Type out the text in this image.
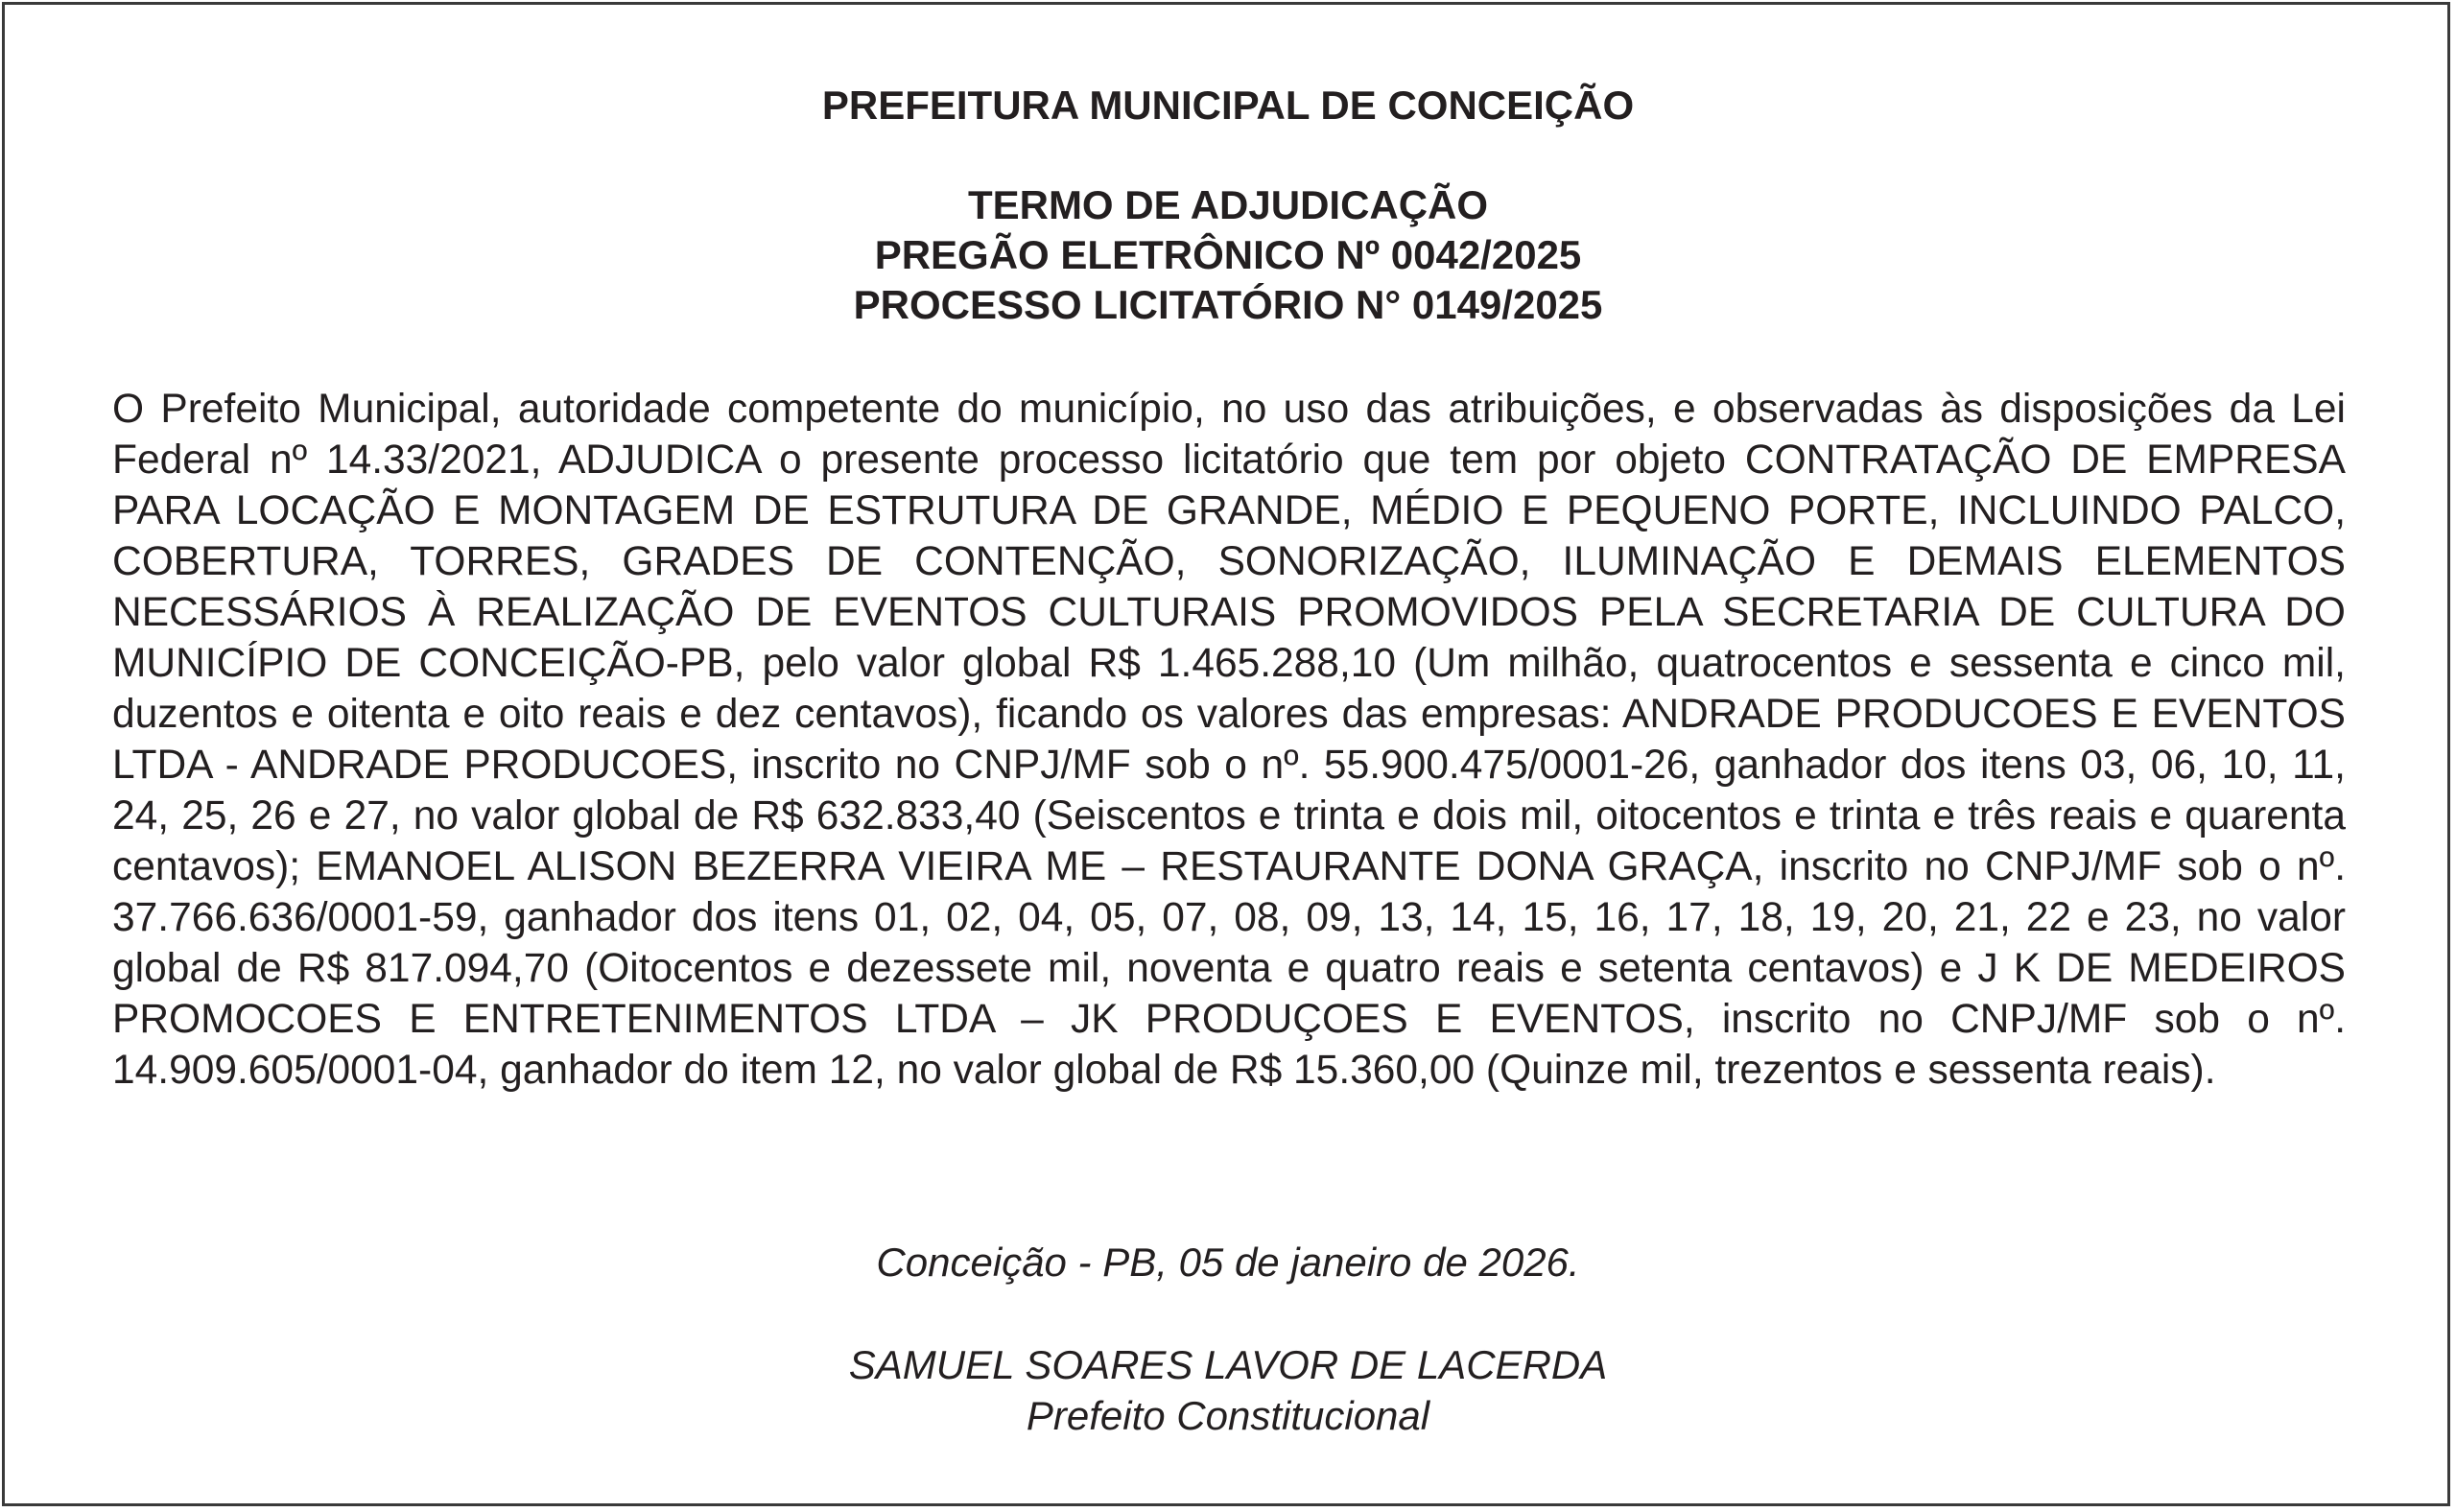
PREFEITURA MUNICIPAL DE CONCEIÇÃO
TERMO DE ADJUDICAÇÃO
PREGÃO ELETRÔNICO Nº 0042/2025
PROCESSO LICITATÓRIO N° 0149/2025
O Prefeito Municipal, autoridade competente do município, no uso das atribuições, e observadas às disposições da Lei Federal nº 14.33/2021, ADJUDICA o presente processo licitatório que tem por objeto CONTRATAÇÃO DE EMPRESA PARA LOCAÇÃO E MONTAGEM DE ESTRUTURA DE GRANDE, MÉDIO E PEQUENO PORTE, INCLUINDO PALCO, COBERTURA, TORRES, GRADES DE CONTENÇÃO, SONORIZAÇÃO, ILUMINAÇÃO E DEMAIS ELEMENTOS NECESSÁRIOS À REALIZAÇÃO DE EVENTOS CULTURAIS PROMOVIDOS PELA SECRETARIA DE CULTURA DO MUNICÍPIO DE CONCEIÇÃO-PB, pelo valor global R$ 1.465.288,10 (Um milhão, quatrocentos e sessenta e cinco mil, duzentos e oitenta e oito reais e dez centavos), ficando os valores das empresas: ANDRADE PRODUCOES E EVENTOS LTDA - ANDRADE PRODUCOES, inscrito no CNPJ/MF sob o nº. 55.900.475/0001-26, ganhador dos itens 03, 06, 10, 11, 24, 25, 26 e 27, no valor global de R$ 632.833,40 (Seiscentos e trinta e dois mil, oitocentos e trinta e três reais e quarenta centavos); EMANOEL ALISON BEZERRA VIEIRA ME – RESTAURANTE DONA GRAÇA, inscrito no CNPJ/MF sob o nº. 37.766.636/0001-59, ganhador dos itens 01, 02, 04, 05, 07, 08, 09, 13, 14, 15, 16, 17, 18, 19, 20, 21, 22 e 23, no valor global de R$ 817.094,70 (Oitocentos e dezessete mil, noventa e quatro reais e setenta centavos) e J K DE MEDEIROS PROMOCOES E ENTRETENIMENTOS LTDA – JK PRODUÇOES E EVENTOS, inscrito no CNPJ/MF sob o nº. 14.909.605/0001-04, ganhador do item 12, no valor global de R$ 15.360,00 (Quinze mil, trezentos e sessenta reais).
Conceição - PB, 05 de janeiro de 2026.
SAMUEL SOARES LAVOR DE LACERDA
Prefeito Constitucional
